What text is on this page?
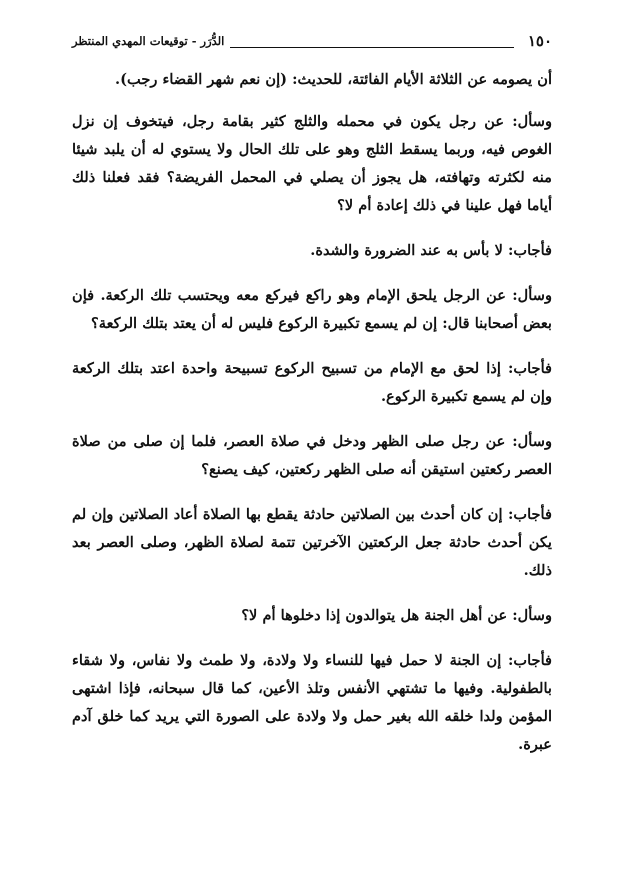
١٥٠
الدُّرَر - توقيعات المهدي المنتظر

أن يصومه عن الثلاثة الأيام الفائتة، للحديث: (إن نعم شهر القضاء رجب).

وسأل: عن رجل يكون في محمله والثلج كثير بقامة رجل، فيتخوف إن نزل الغوص فيه، وربما يسقط الثلج وهو على تلك الحال ولا يستوي له أن يلبد شيئا منه لكثرته وتهافته، هل يجوز أن يصلي في المحمل الفريضة؟ فقد فعلنا ذلك أياما فهل علينا في ذلك إعادة أم لا؟

فأجاب: لا بأس به عند الضرورة والشدة.

وسأل: عن الرجل يلحق الإمام وهو راكع فيركع معه ويحتسب تلك الركعة. فإن بعض أصحابنا قال: إن لم يسمع تكبيرة الركوع فليس له أن يعتد بتلك الركعة؟

فأجاب: إذا لحق مع الإمام من تسبيح الركوع تسبيحة واحدة اعتد بتلك الركعة وإن لم يسمع تكبيرة الركوع.

وسأل: عن رجل صلى الظهر ودخل في صلاة العصر، فلما إن صلى من صلاة العصر ركعتين استيقن أنه صلى الظهر ركعتين، كيف يصنع؟

فأجاب: إن كان أحدث بين الصلاتين حادثة يقطع بها الصلاة أعاد الصلاتين وإن لم يكن أحدث حادثة جعل الركعتين الآخرتين تتمة لصلاة الظهر، وصلى العصر بعد ذلك.

وسأل: عن أهل الجنة هل يتوالدون إذا دخلوها أم لا؟

فأجاب: إن الجنة لا حمل فيها للنساء ولا ولادة، ولا طمث ولا نفاس، ولا شقاء بالطفولية. وفيها ما تشتهي الأنفس وتلذ الأعين، كما قال سبحانه، فإذا اشتهى المؤمن ولدا خلقه الله بغير حمل ولا ولادة على الصورة التي يريد كما خلق آدم عبرة.
